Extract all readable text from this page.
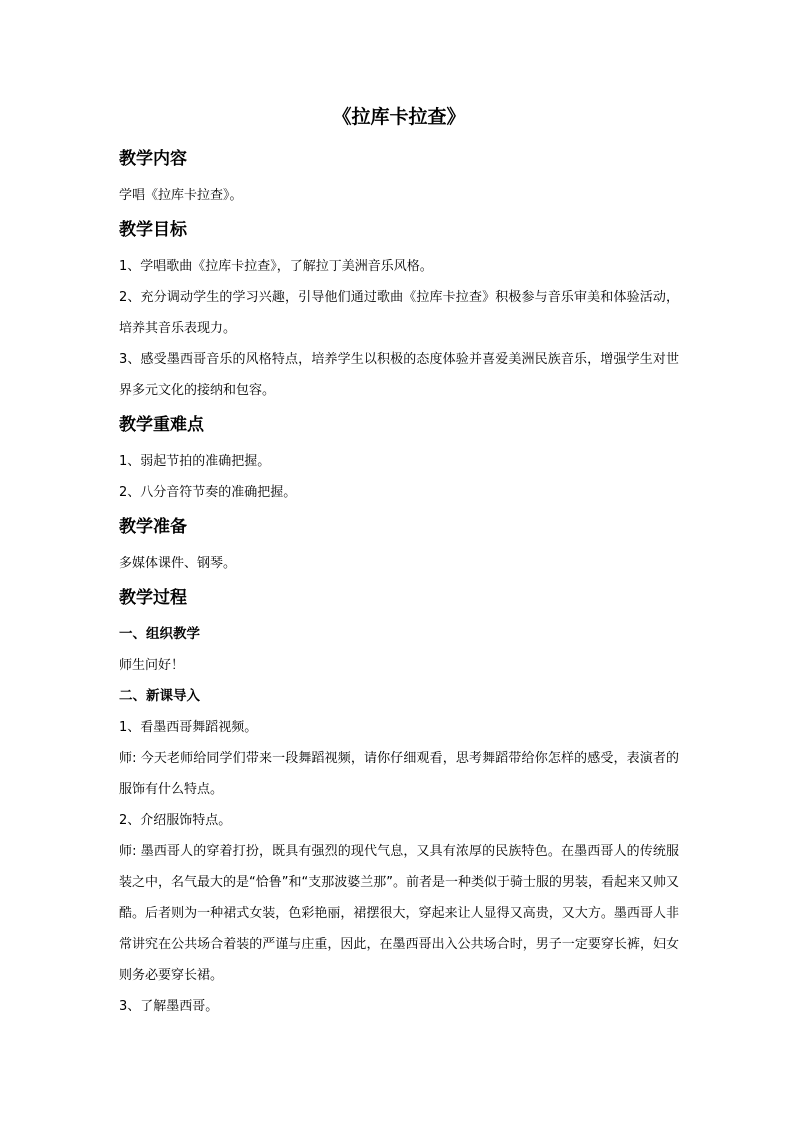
《拉库卡拉查》
教学内容

学唱《拉库卡拉查》。

教学目标

1、学唱歌曲《拉库卡拉查》，了解拉丁美洲音乐风格。

2、充分调动学生的学习兴趣，引导他们通过歌曲《拉库卡拉查》积极参与音乐审美和体验活动，培养其音乐表现力。

3、感受墨西哥音乐的风格特点，培养学生以积极的态度体验并喜爱美洲民族音乐，增强学生对世界多元文化的接纳和包容。

教学重难点

1、弱起节拍的准确把握。

2、八分音符节奏的准确把握。

教学准备

多媒体课件、钢琴。

教学过程
一、组织教学

师生问好！

二、新课导入

1、看墨西哥舞蹈视频。

师: 今天老师给同学们带来一段舞蹈视频，请你仔细观看，思考舞蹈带给你怎样的感受，表演者的服饰有什么特点。

2、介绍服饰特点。

师: 墨西哥人的穿着打扮，既具有强烈的现代气息，又具有浓厚的民族特色。在墨西哥人的传统服装之中，名气最大的是“恰鲁”和“支那波婆兰那”。前者是一种类似于骑士服的男装，看起来又帅又酷。后者则为一种裙式女装，色彩艳丽，裙摆很大，穿起来让人显得又高贵，又大方。墨西哥人非常讲究在公共场合着装的严谨与庄重，因此，在墨西哥出入公共场合时，男子一定要穿长裤，妇女则务必要穿长裙。

3、了解墨西哥。
